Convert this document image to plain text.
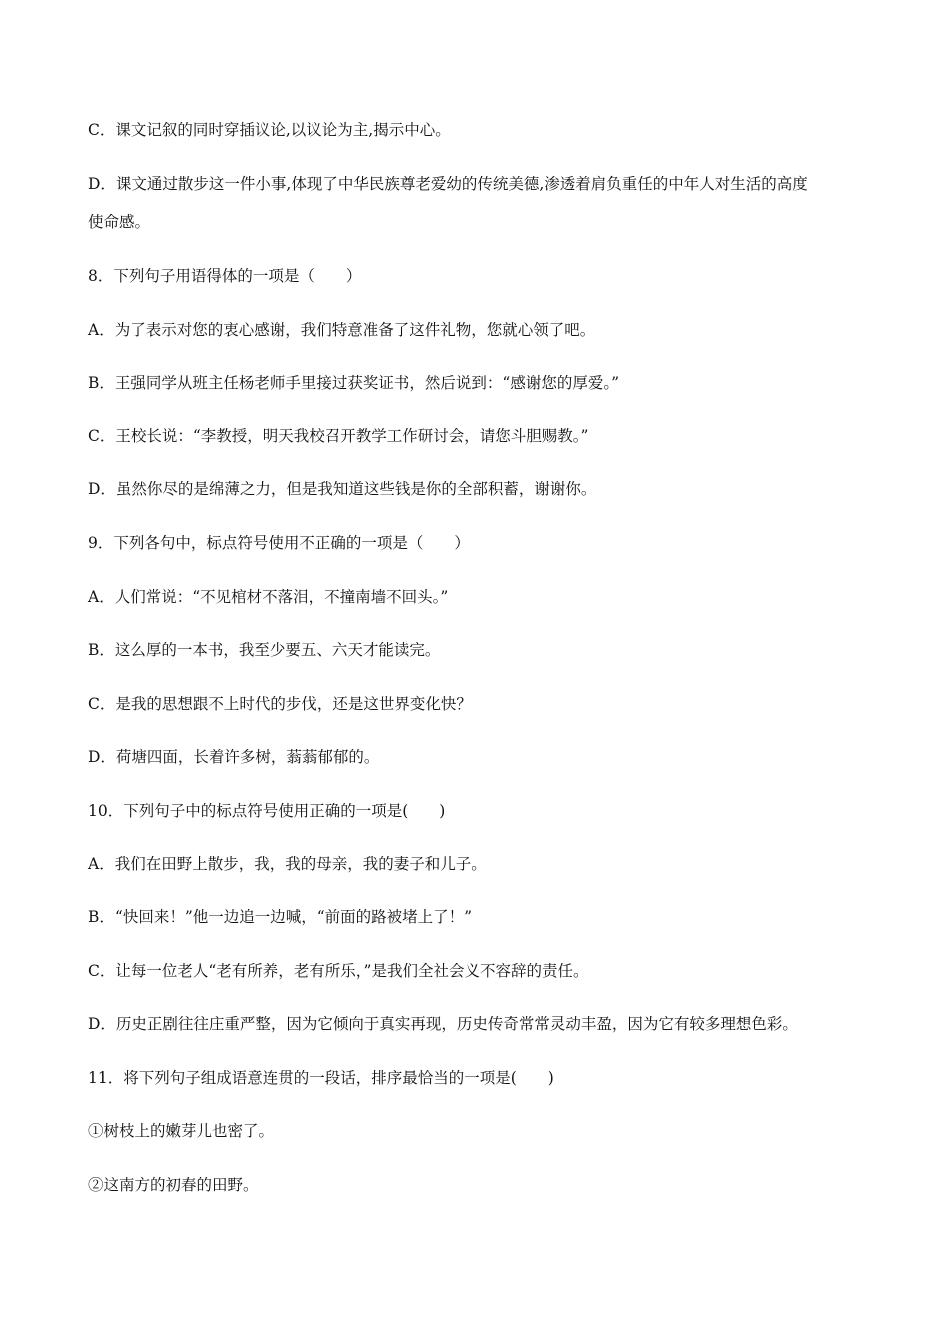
C．课文记叙的同时穿插议论,以议论为主,揭示中心。
D．课文通过散步这一件小事,体现了中华民族尊老爱幼的传统美德,渗透着肩负重任的中年人对生活的高度
使命感。
8．下列句子用语得体的一项是（　　）
A．为了表示对您的衷心感谢，我们特意准备了这件礼物，您就心领了吧。
B．王强同学从班主任杨老师手里接过获奖证书，然后说到：“感谢您的厚爱。”
C．王校长说：“李教授，明天我校召开教学工作研讨会，请您斗胆赐教。”
D．虽然你尽的是绵薄之力，但是我知道这些钱是你的全部积蓄，谢谢你。
9．下列各句中，标点符号使用不正确的一项是（　　）
A．人们常说：“不见棺材不落泪，不撞南墙不回头。”
B．这么厚的一本书，我至少要五、六天才能读完。
C．是我的思想跟不上时代的步伐，还是这世界变化快？
D．荷塘四面，长着许多树，蓊蓊郁郁的。
10．下列句子中的标点符号使用正确的一项是(　　)
A．我们在田野上散步，我，我的母亲，我的妻子和儿子。
B．“快回来！”他一边追一边喊，“前面的路被堵上了！”
C．让每一位老人“老有所养，老有所乐，”是我们全社会义不容辞的责任。
D．历史正剧往往庄重严整，因为它倾向于真实再现，历史传奇常常灵动丰盈，因为它有较多理想色彩。
11．将下列句子组成语意连贯的一段话，排序最恰当的一项是(　　)
①树枝上的嫩芽儿也密了。
②这南方的初春的田野。
